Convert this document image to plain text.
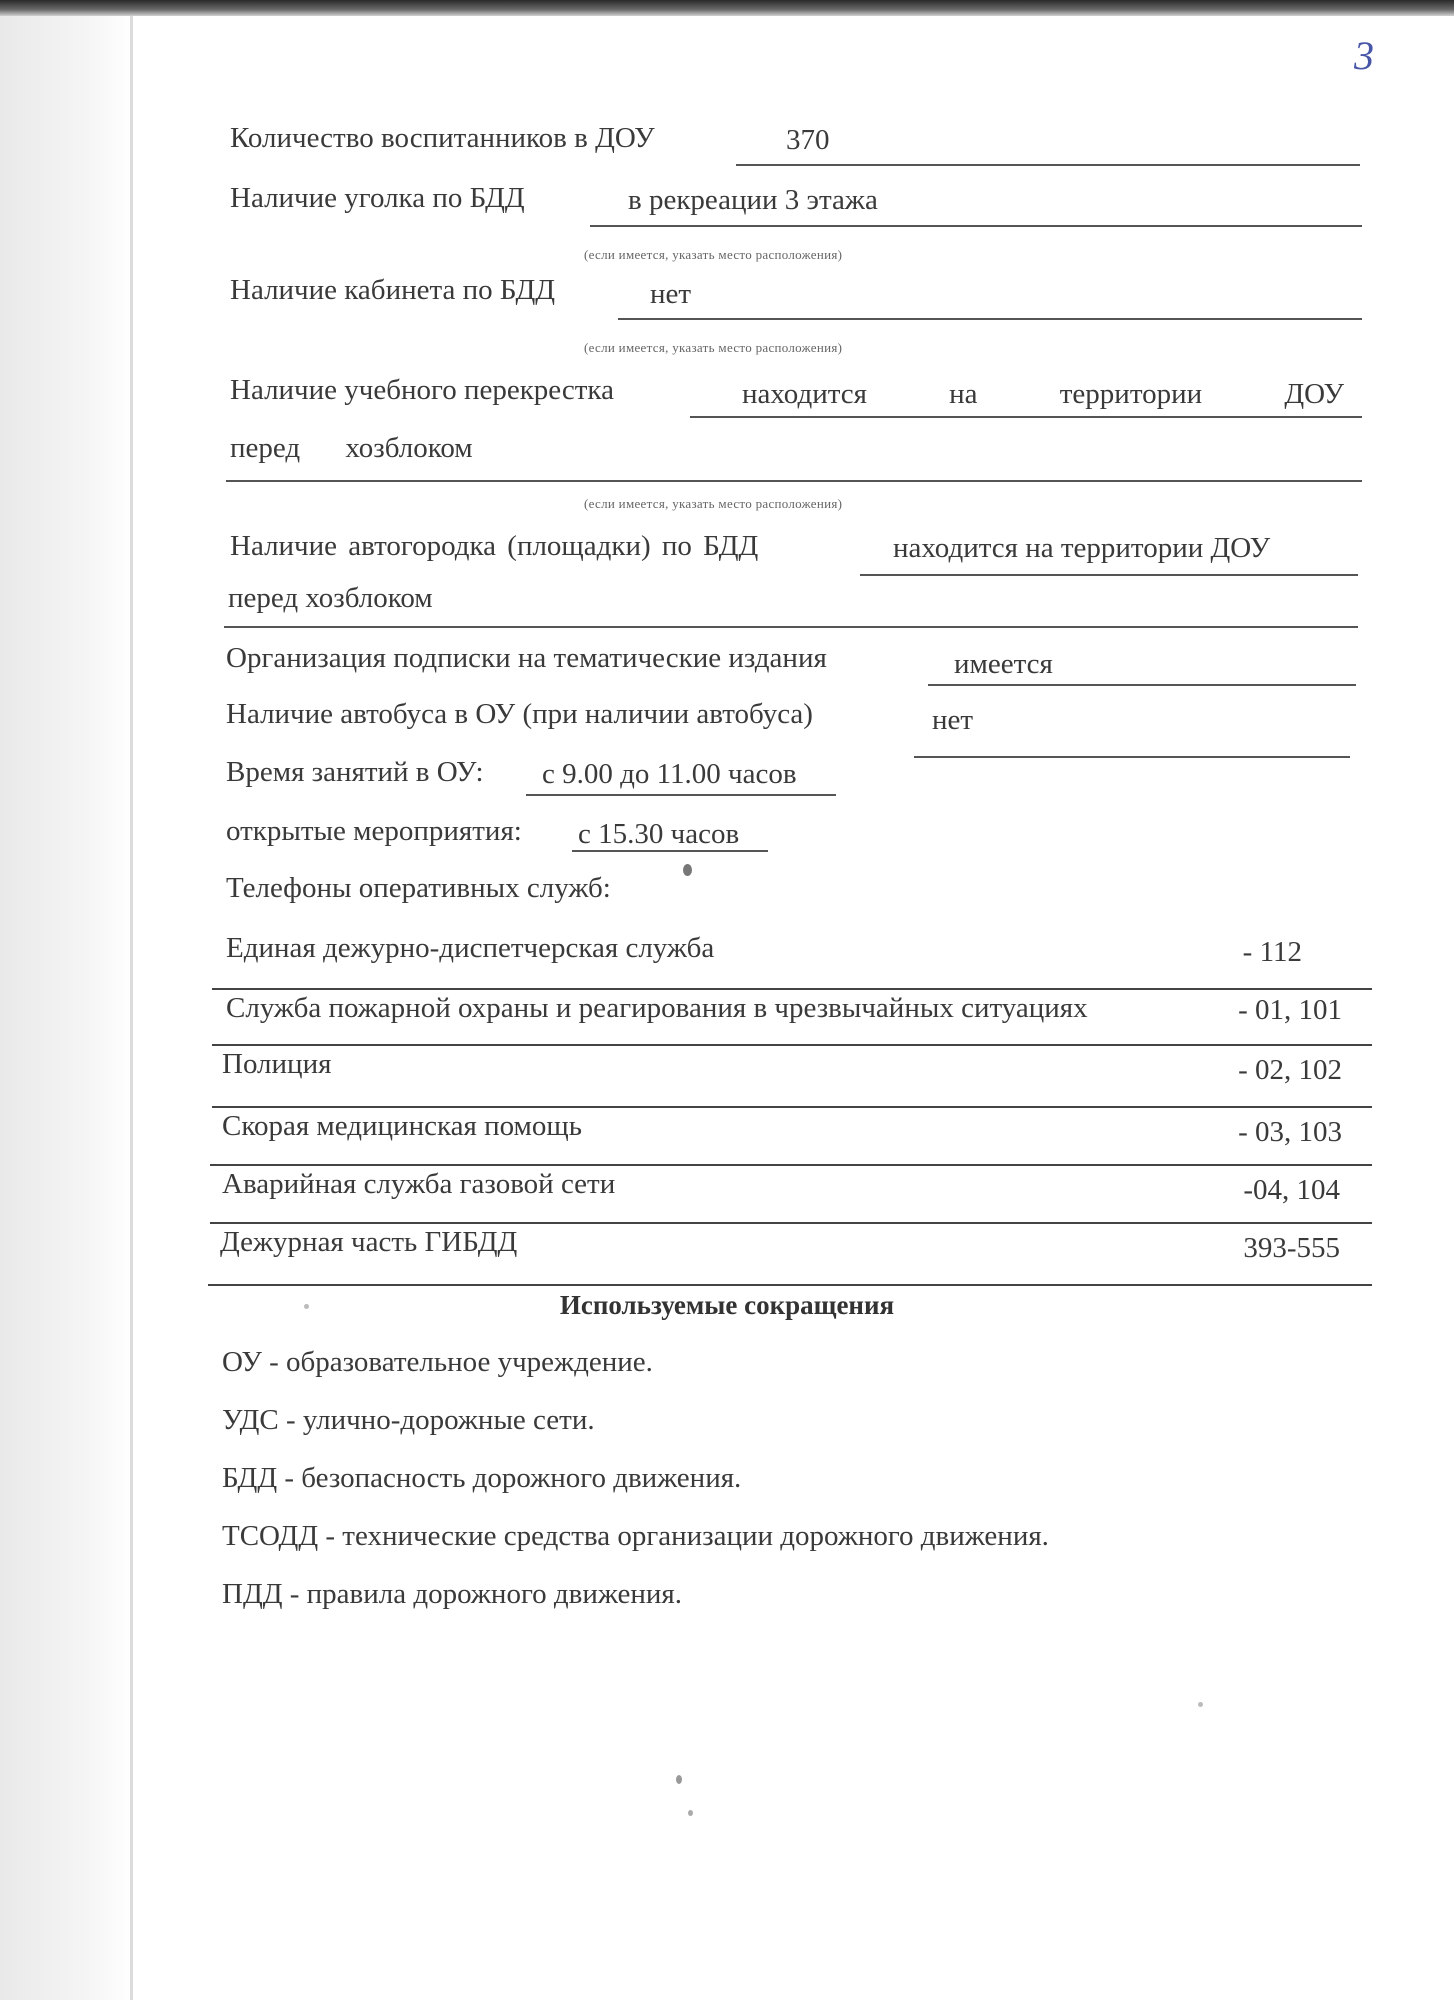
3
Количество воспитанников в ДОУ	370
Наличие уголка по БДД	в рекреации 3 этажа
(если имеется, указать место расположения)
Наличие кабинета по БДД	нет
(если имеется, указать место расположения)
Наличие учебного перекрестка	находится на территории ДОУ
перед хозблоком
(если имеется, указать место расположения)
Наличие автогородка (площадки) по БДД	находится на территории ДОУ
перед хозблоком
Организация подписки на тематические издания	имеется
Наличие автобуса в ОУ (при наличии автобуса)	нет
Время занятий в ОУ: с 9.00 до 11.00 часов
открытые мероприятия: с 15.30 часов
Телефоны оперативных служб:
Единая дежурно-диспетчерская служба	- 112
Служба пожарной охраны и реагирования в чрезвычайных ситуациях	- 01, 101
Полиция	- 02, 102
Скорая медицинская помощь	- 03, 103
Аварийная служба газовой сети	-04, 104
Дежурная часть ГИБДД	393-555
Используемые сокращения
ОУ - образовательное учреждение.
УДС - улично-дорожные сети.
БДД - безопасность дорожного движения.
ТСОДД - технические средства организации дорожного движения.
ПДД - правила дорожного движения.
